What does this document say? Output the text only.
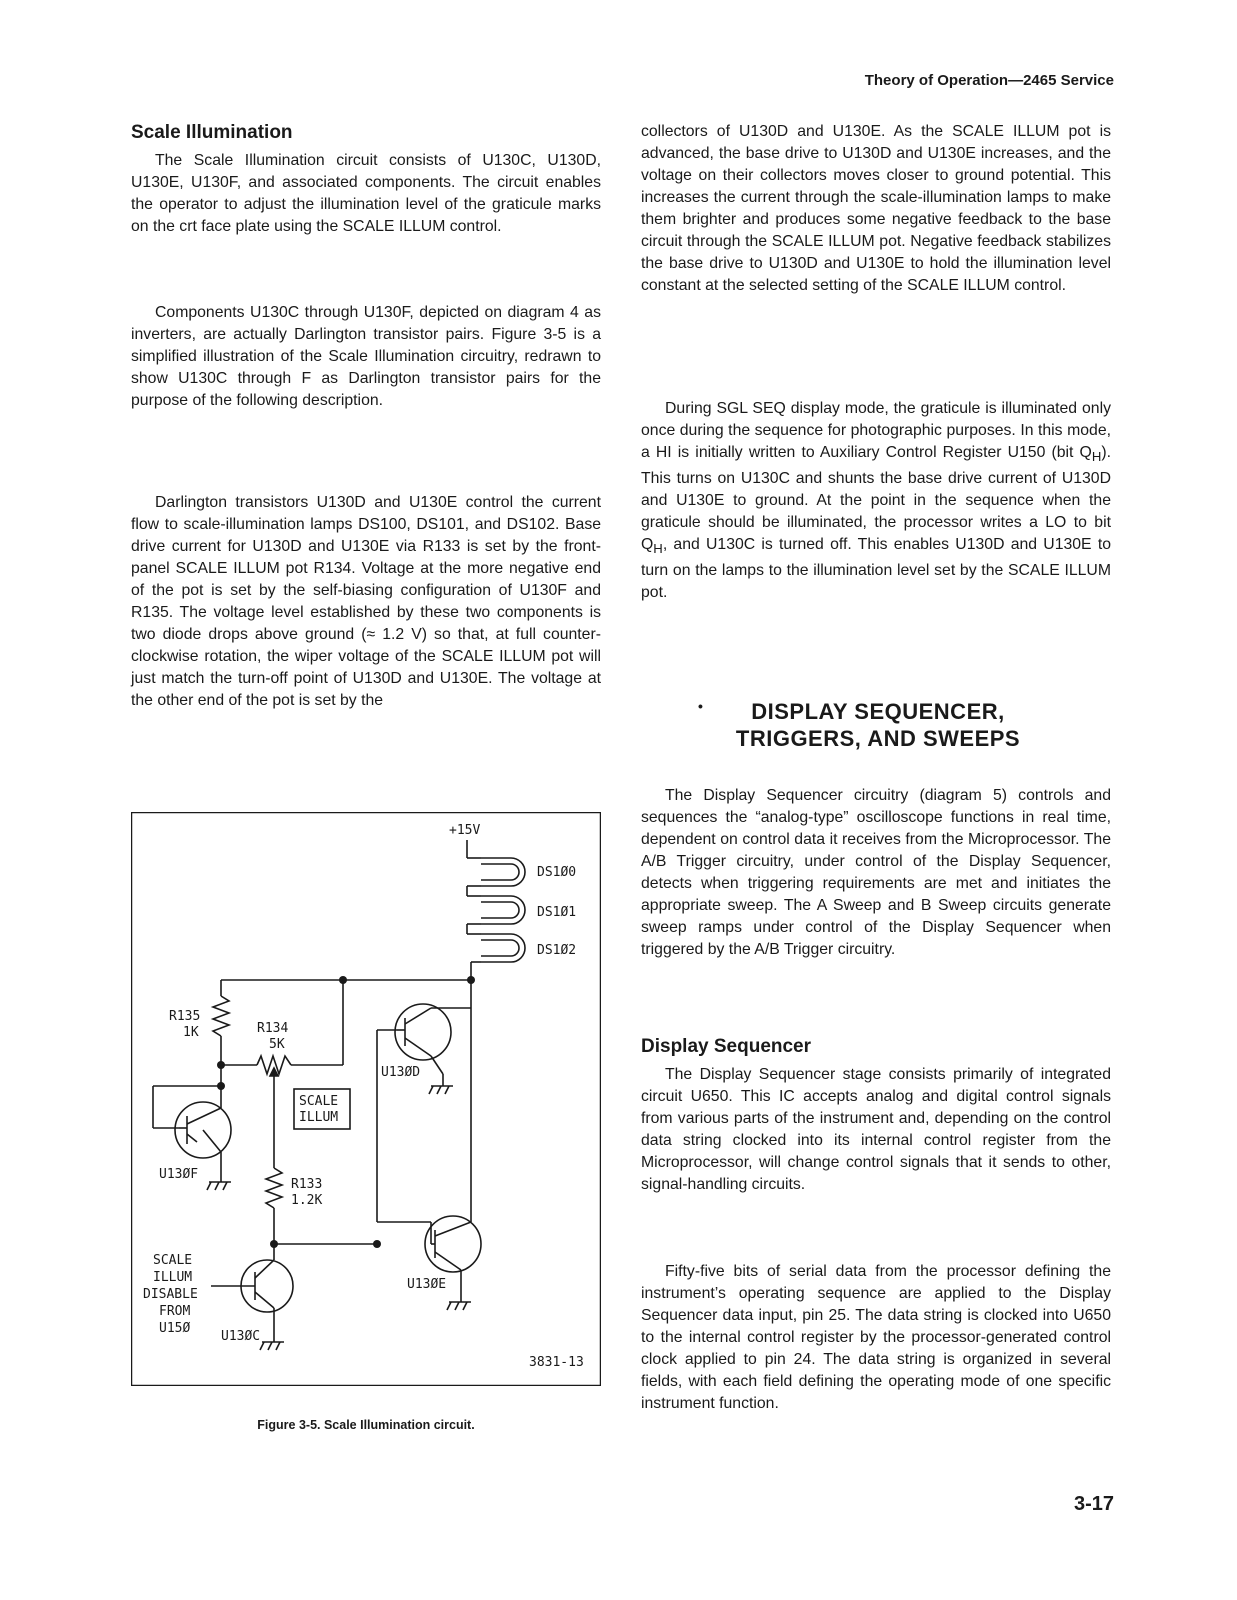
Theory of Operation—2465 Service
Scale Illumination

The Scale Illumination circuit consists of U130C, U130D, U130E, U130F, and associated components. The circuit enables the operator to adjust the illumination level of the graticule marks on the crt face plate using the SCALE ILLUM control.

Components U130C through U130F, depicted on diagram 4 as inverters, are actually Darlington transistor pairs. Figure 3-5 is a simplified illustration of the Scale Illumination circuitry, redrawn to show U130C through F as Darlington transistor pairs for the purpose of the following description.

Darlington transistors U130D and U130E control the current flow to scale-illumination lamps DS100, DS101, and DS102. Base drive current for U130D and U130E via R133 is set by the front-panel SCALE ILLUM pot R134. Voltage at the more negative end of the pot is set by the self-biasing configuration of U130F and R135. The voltage level established by these two components is two diode drops above ground (≈ 1.2 V) so that, at full counter-clockwise rotation, the wiper voltage of the SCALE ILLUM pot will just match the turn-off point of U130D and U130E. The voltage at the other end of the pot is set by the

+15V
DS1Ø0
DS1Ø1
DS1Ø2
R135
1K	R134
5K
U13ØD
SCALE
ILLUM
U13ØF
R133
1.2K
SCALE
ILLUM
DISABLE
FROM
U15Ø
U13ØC
U13ØE
3831-13
Figure 3-5. Scale Illumination circuit.

collectors of U130D and U130E. As the SCALE ILLUM pot is advanced, the base drive to U130D and U130E increases, and the voltage on their collectors moves closer to ground potential. This increases the current through the scale-illumination lamps to make them brighter and produces some negative feedback to the base circuit through the SCALE ILLUM pot. Negative feedback stabilizes the base drive to U130D and U130E to hold the illumination level constant at the selected setting of the SCALE ILLUM control.

During SGL SEQ display mode, the graticule is illuminated only once during the sequence for photographic purposes. In this mode, a HI is initially written to Auxiliary Control Register U150 (bit $Q_H$). This turns on U130C and shunts the base drive current of U130D and U130E to ground. At the point in the sequence when the graticule should be illuminated, the processor writes a LO to bit $Q_H$, and U130C is turned off. This enables U130D and U130E to turn on the lamps to the illumination level set by the SCALE ILLUM pot.

•	DISPLAY SEQUENCER,
TRIGGERS, AND SWEEPS

The Display Sequencer circuitry (diagram 5) controls and sequences the “analog-type” oscilloscope functions in real time, dependent on control data it receives from the Microprocessor. The A/B Trigger circuitry, under control of the Display Sequencer, detects when triggering requirements are met and initiates the appropriate sweep. The A Sweep and B Sweep circuits generate sweep ramps under control of the Display Sequencer when triggered by the A/B Trigger circuitry.

Display Sequencer

The Display Sequencer stage consists primarily of integrated circuit U650. This IC accepts analog and digital control signals from various parts of the instrument and, depending on the control data string clocked into its internal control register from the Microprocessor, will change control signals that it sends to other, signal-handling circuits.

Fifty-five bits of serial data from the processor defining the instrument’s operating sequence are applied to the Display Sequencer data input, pin 25. The data string is clocked into U650 to the internal control register by the processor-generated control clock applied to pin 24. The data string is organized in several fields, with each field defining the operating mode of one specific instrument function.

3-17
